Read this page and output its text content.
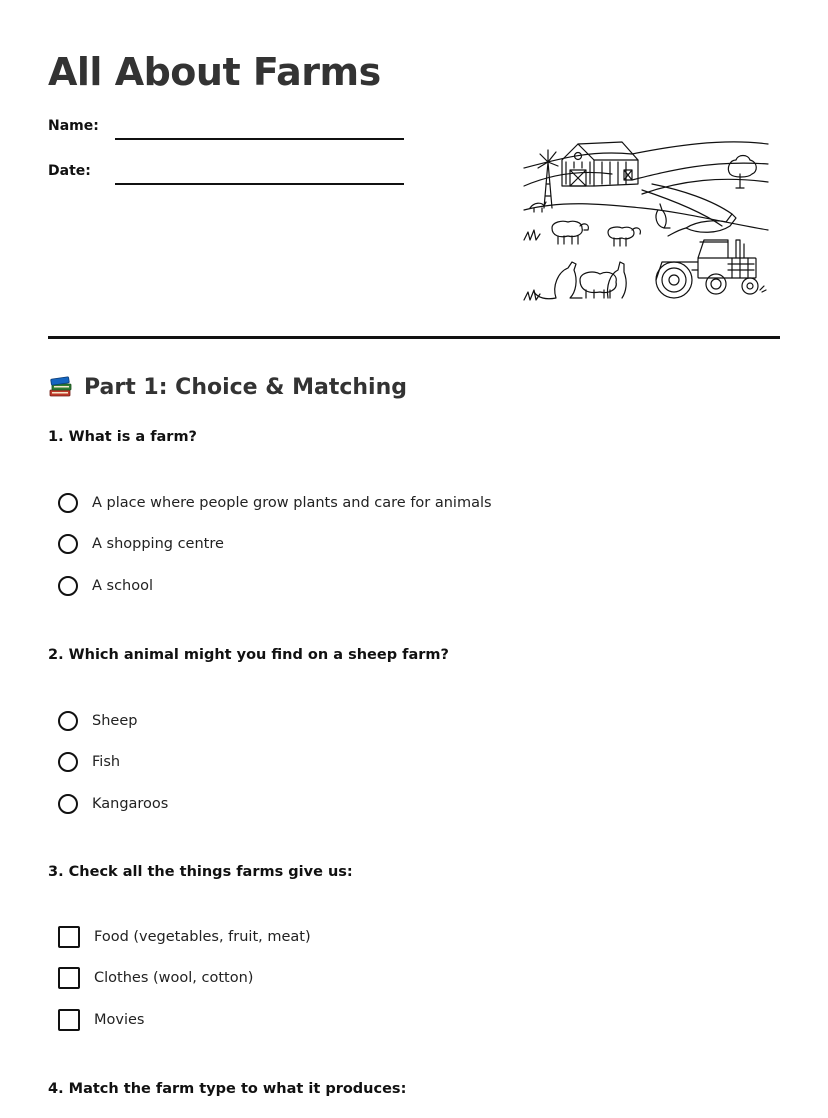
All About Farms
Name:
Date:
Part 1: Choice & Matching

1. What is a farm?

A place where people grow plants and care for animals
A shopping centre
A school

2. Which animal might you find on a sheep farm?

Sheep
Fish
Kangaroos

3. Check all the things farms give us:

Food (vegetables, fruit, meat)
Clothes (wool, cotton)
Movies

4. Match the farm type to what it produces:
